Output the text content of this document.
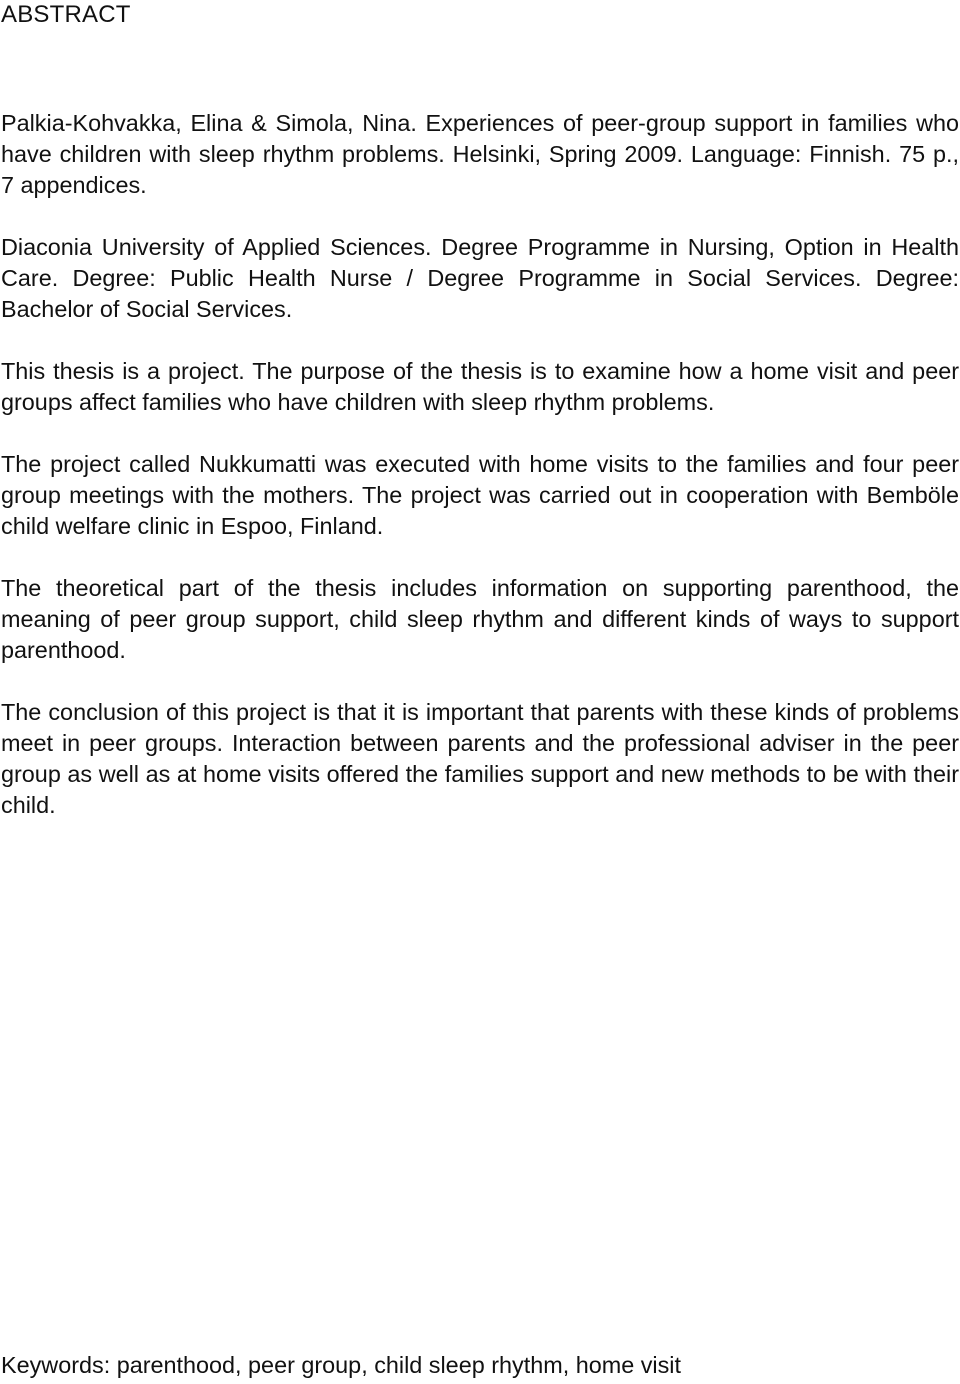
ABSTRACT

Palkia-Kohvakka, Elina & Simola, Nina. Experiences of peer-group support in families who have children with sleep rhythm problems. Helsinki, Spring 2009. Language: Finnish. 75 p., 7 appendices.

Diaconia University of Applied Sciences. Degree Programme in Nursing, Option in Health Care. Degree: Public Health Nurse / Degree Programme in Social Services. Degree: Bachelor of Social Services.

This thesis is a project. The purpose of the thesis is to examine how a home visit and peer groups affect families who have children with sleep rhythm problems.

The project called Nukkumatti was executed with home visits to the families and four peer group meetings with the mothers. The project was carried out in cooperation with Bemböle child welfare clinic in Espoo, Finland.

The theoretical part of the thesis includes information on supporting parenthood, the meaning of peer group support, child sleep rhythm and different kinds of ways to support parenthood.

The conclusion of this project is that it is important that parents with these kinds of problems meet in peer groups. Interaction between parents and the professional adviser in the peer group as well as at home visits offered the families support and new methods to be with their child.

Keywords: parenthood, peer group, child sleep rhythm, home visit
